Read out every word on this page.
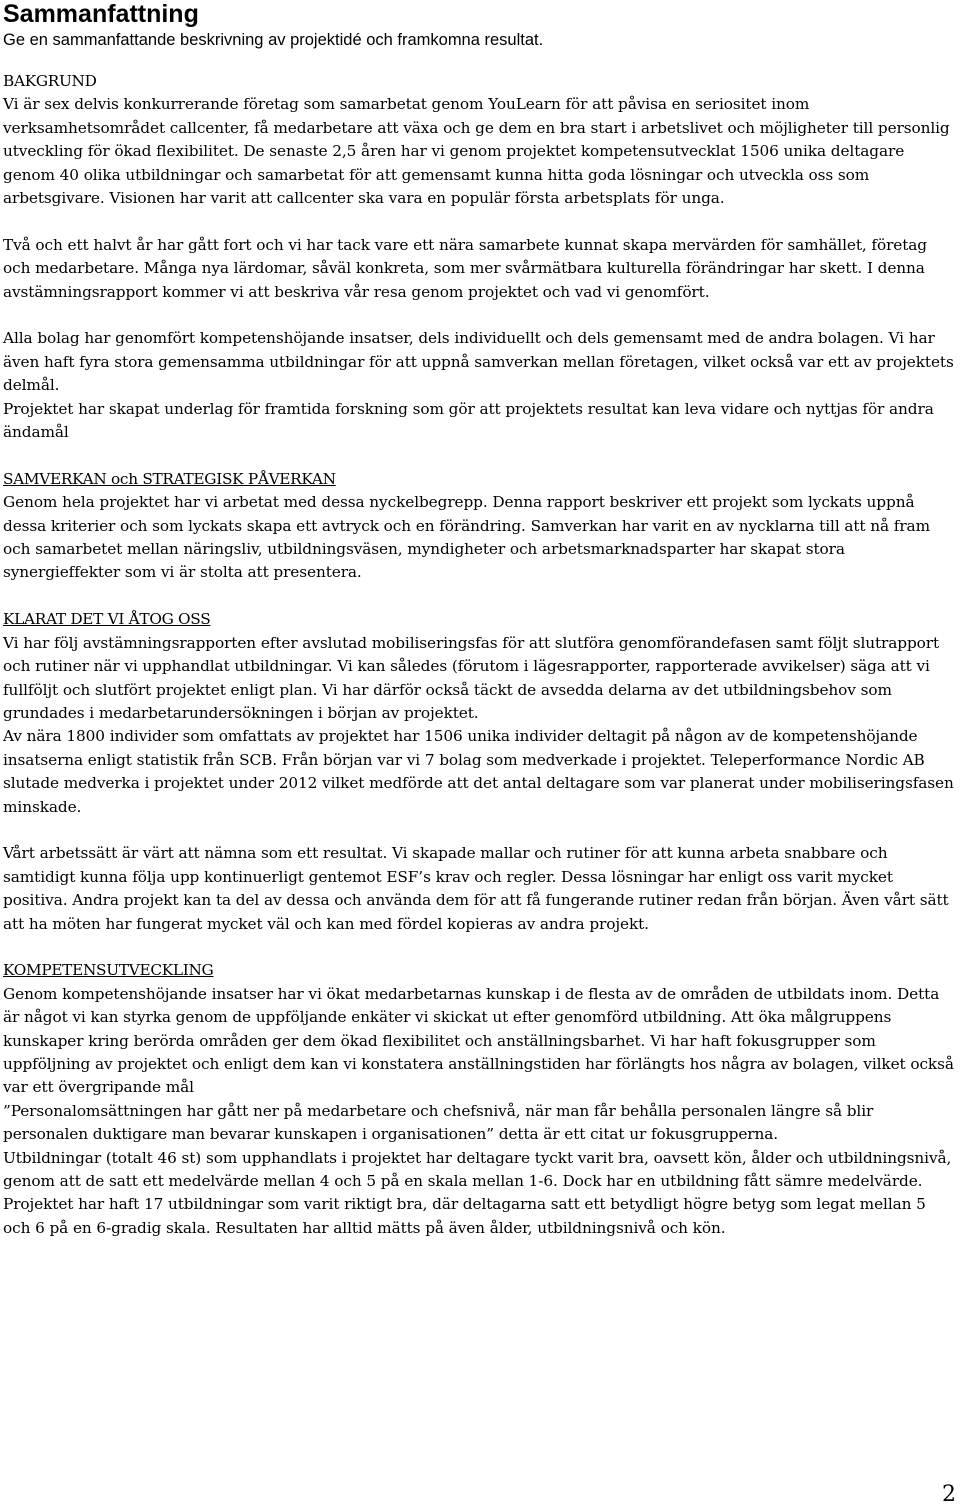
Sammanfattning

Ge en sammanfattande beskrivning av projektidé och framkomna resultat.

BAKGRUND

Vi är sex delvis konkurrerande företag som samarbetat genom YouLearn för att påvisa en seriositet inom verksamhetsområdet callcenter, få medarbetare att växa och ge dem en bra start i arbetslivet och möjligheter till personlig utveckling för ökad flexibilitet. De senaste 2,5 åren har vi genom projektet kompetensutvecklat 1506 unika deltagare genom 40 olika utbildningar och samarbetat för att gemensamt kunna hitta goda lösningar och utveckla oss som arbetsgivare. Visionen har varit att callcenter ska vara en populär första arbetsplats för unga.

Två och ett halvt år har gått fort och vi har tack vare ett nära samarbete kunnat skapa mervärden för samhället, företag och medarbetare. Många nya lärdomar, såväl konkreta, som mer svårmätbara kulturella förändringar har skett. I denna avstämningsrapport kommer vi att beskriva vår resa genom projektet och vad vi genomfört.

Alla bolag har genomfört kompetenshöjande insatser, dels individuellt och dels gemensamt med de andra bolagen. Vi har även haft fyra stora gemensamma utbildningar för att uppnå samverkan mellan företagen, vilket också var ett av projektets delmål.

Projektet har skapat underlag för framtida forskning som gör att projektets resultat kan leva vidare och nyttjas för andra ändamål

SAMVERKAN och STRATEGISK PÅVERKAN

Genom hela projektet har vi arbetat med dessa nyckelbegrepp. Denna rapport beskriver ett projekt som lyckats uppnå dessa kriterier och som lyckats skapa ett avtryck och en förändring. Samverkan har varit en av nycklarna till att nå fram och samarbetet mellan näringsliv, utbildningsväsen, myndigheter och arbetsmarknadsparter har skapat stora synergieffekter som vi är stolta att presentera.

KLARAT DET VI ÅTOG OSS

Vi har följ avstämningsrapporten efter avslutad mobiliseringsfas för att slutföra genomförandefasen samt följt slutrapport och rutiner när vi upphandlat utbildningar. Vi kan således (förutom i lägesrapporter, rapporterade avvikelser) säga att vi fullföljt och slutfört projektet enligt plan. Vi har därför också täckt de avsedda delarna av det utbildningsbehov som grundades i medarbetarundersökningen i början av projektet.

Av nära 1800 individer som omfattats av projektet har 1506 unika individer deltagit på någon av de kompetenshöjande insatserna enligt statistik från SCB. Från början var vi 7 bolag som medverkade i projektet. Teleperformance Nordic AB slutade medverka i projektet under 2012 vilket medförde att det antal deltagare som var planerat under mobiliseringsfasen minskade.

Vårt arbetssätt är värt att nämna som ett resultat. Vi skapade mallar och rutiner för att kunna arbeta snabbare och samtidigt kunna följa upp kontinuerligt gentemot ESF’s krav och regler. Dessa lösningar har enligt oss varit mycket positiva. Andra projekt kan ta del av dessa och använda dem för att få fungerande rutiner redan från början. Även vårt sätt att ha möten har fungerat mycket väl och kan med fördel kopieras av andra projekt.

KOMPETENSUTVECKLING

Genom kompetenshöjande insatser har vi ökat medarbetarnas kunskap i de flesta av de områden de utbildats inom. Detta är något vi kan styrka genom de uppföljande enkäter vi skickat ut efter genomförd utbildning. Att öka målgruppens kunskaper kring berörda områden ger dem ökad flexibilitet och anställningsbarhet. Vi har haft fokusgrupper som uppföljning av projektet och enligt dem kan vi konstatera anställningstiden har förlängts hos några av bolagen, vilket också var ett övergripande mål

”Personalomsättningen har gått ner på medarbetare och chefsnivå, när man får behålla personalen längre så blir personalen duktigare man bevarar kunskapen i organisationen” detta är ett citat ur fokusgrupperna.

Utbildningar (totalt 46 st) som upphandlats i projektet har deltagare tyckt varit bra, oavsett kön, ålder och utbildningsnivå, genom att de satt ett medelvärde mellan 4 och 5 på en skala mellan 1-6. Dock har en utbildning fått sämre medelvärde. Projektet har haft 17 utbildningar som varit riktigt bra, där deltagarna satt ett betydligt högre betyg som legat mellan 5 och 6 på en 6-gradig skala. Resultaten har alltid mätts på även ålder, utbildningsnivå och kön.

2
